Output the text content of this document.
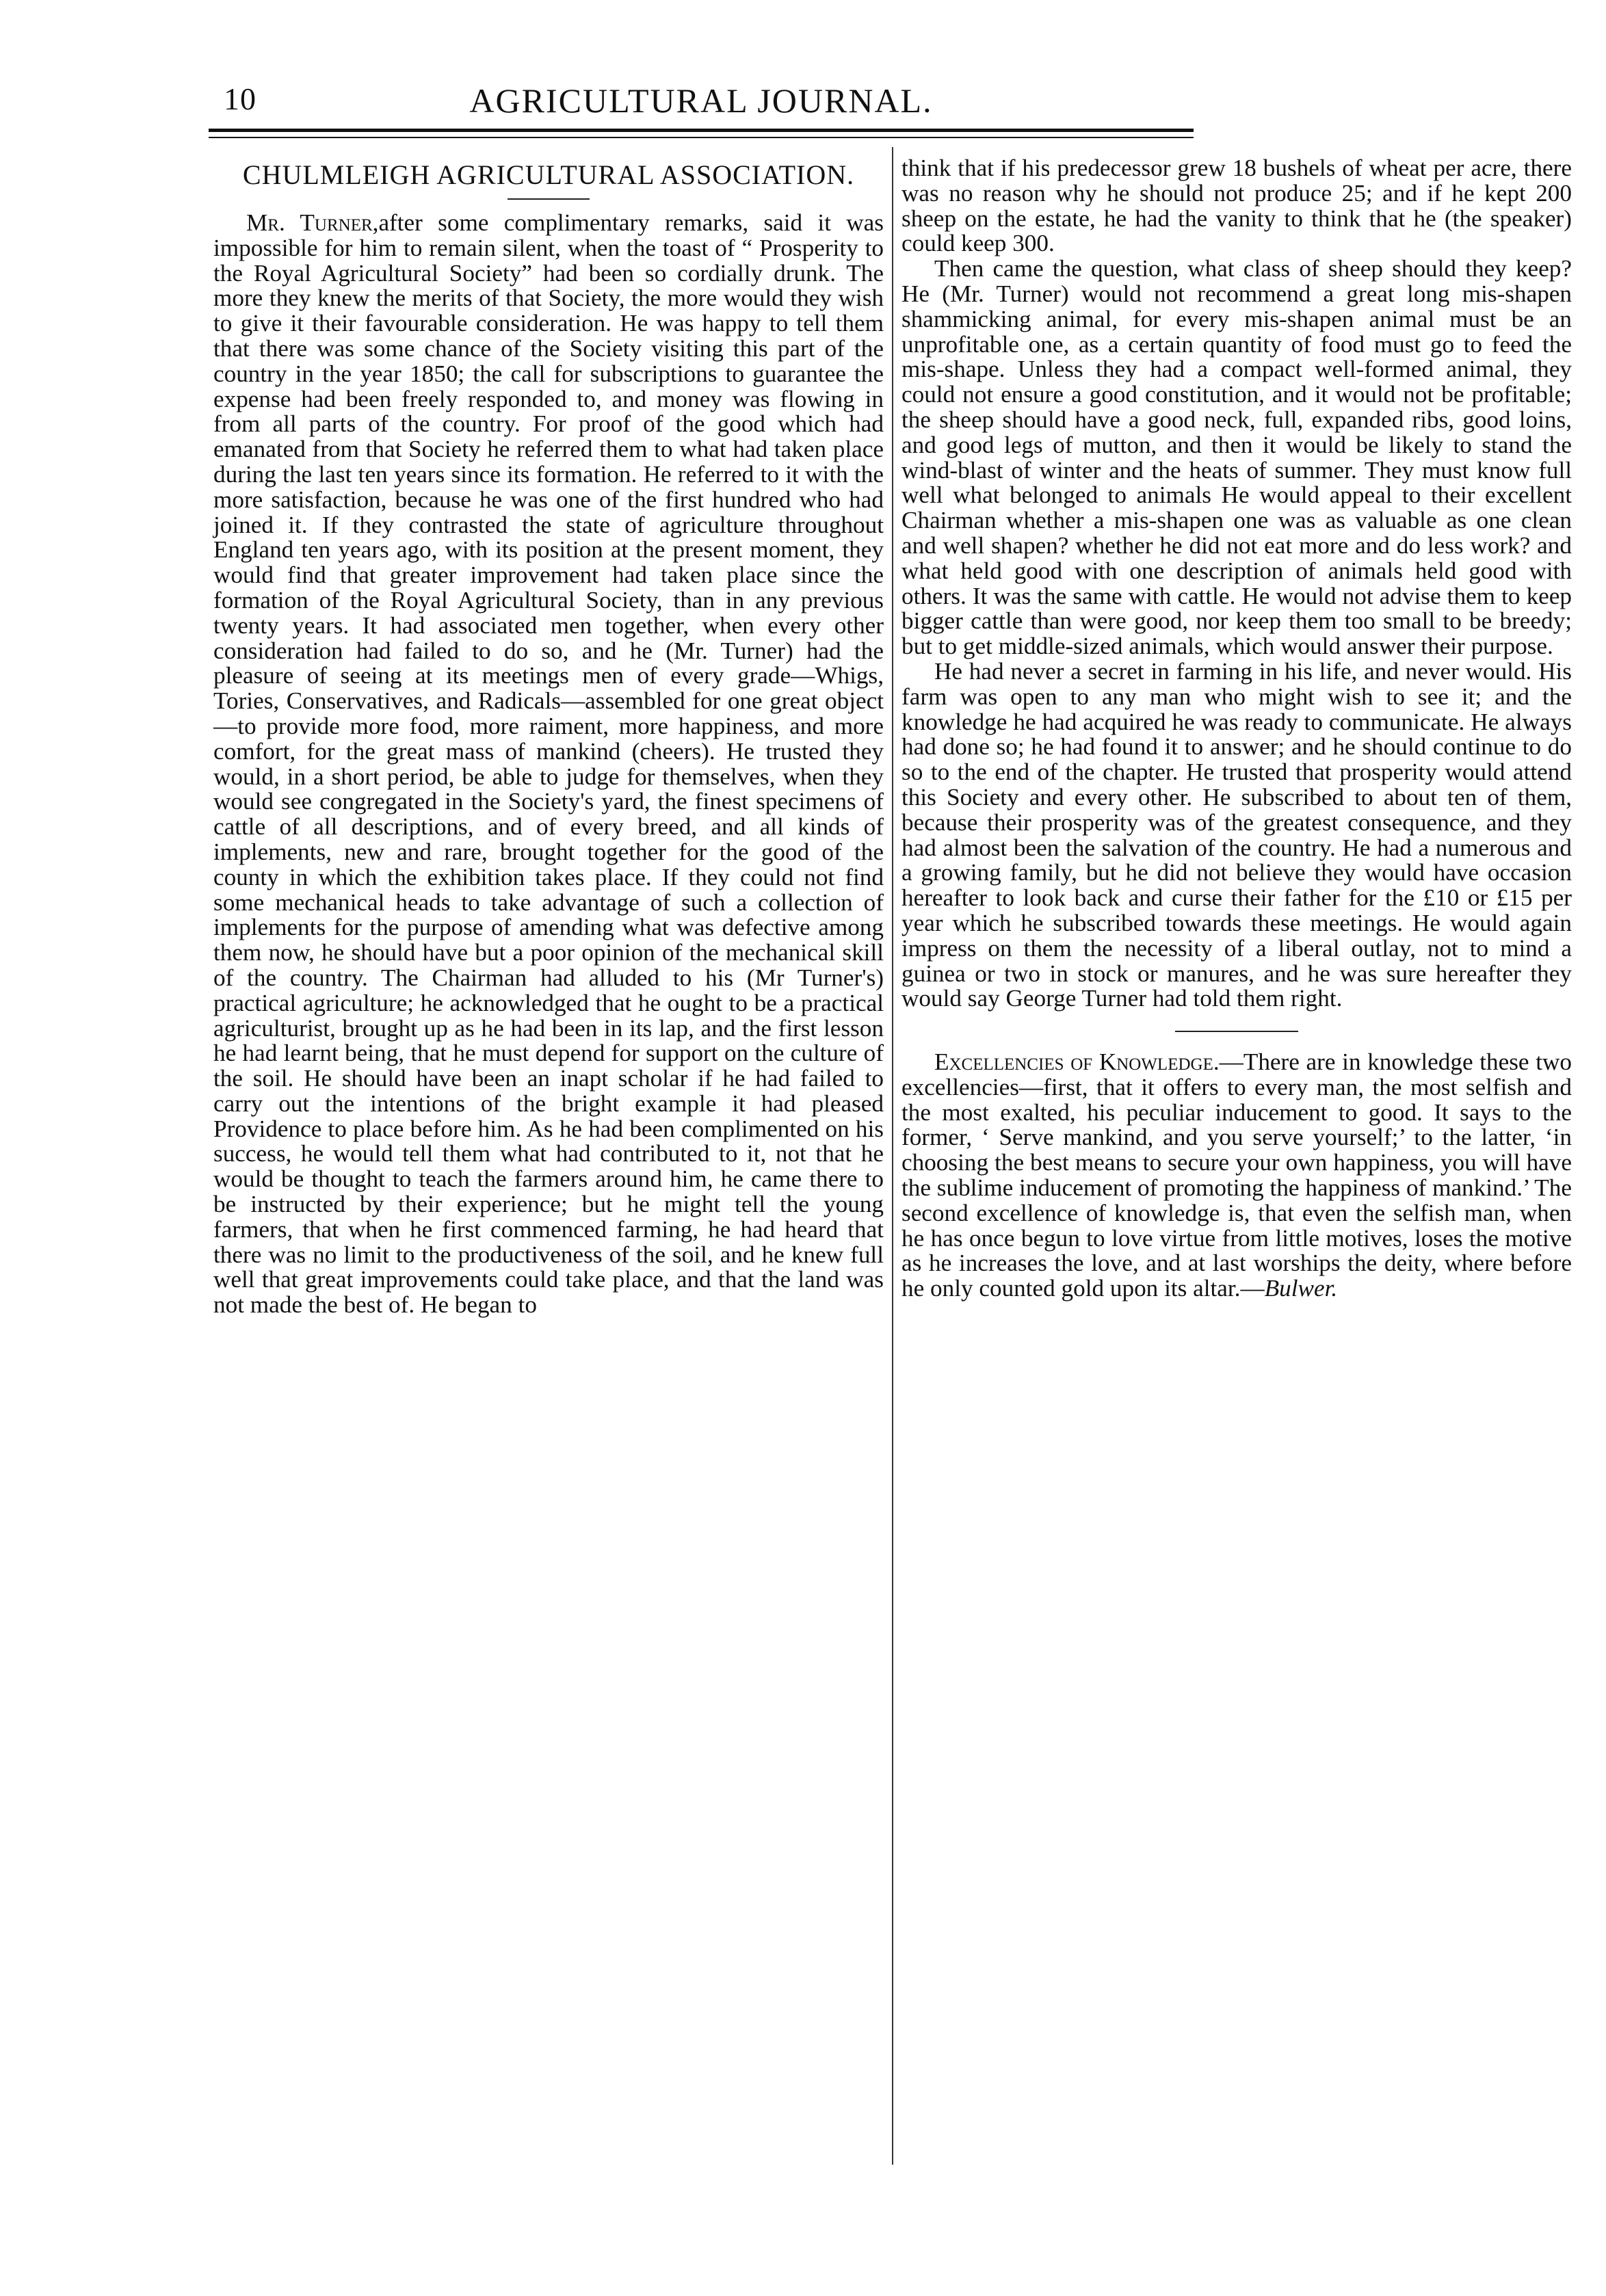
10	AGRICULTURAL JOURNAL.
CHULMLEIGH AGRICULTURAL ASSOCIATION.

Mr. Turner,after some complimentary remarks, said it was impossible for him to remain silent, when the toast of “ Prosperity to the Royal Agricultural Society” had been so cordially drunk. The more they knew the merits of that Society, the more would they wish to give it their favourable consideration. He was happy to tell them that there was some chance of the Society visiting this part of the country in the year 1850; the call for subscriptions to guarantee the expense had been freely responded to, and money was flowing in from all parts of the country. For proof of the good which had emanated from that Society he referred them to what had taken place during the last ten years since its formation. He referred to it with the more satisfaction, because he was one of the first hundred who had joined it. If they contrasted the state of agriculture throughout England ten years ago, with its position at the present moment, they would find that greater improvement had taken place since the formation of the Royal Agricultural Society, than in any previous twenty years. It had associated men together, when every other consideration had failed to do so, and he (Mr. Turner) had the pleasure of seeing at its meetings men of every grade—Whigs, Tories, Conservatives, and Radicals—assembled for one great object—to provide more food, more raiment, more happiness, and more comfort, for the great mass of mankind (cheers). He trusted they would, in a short period, be able to judge for themselves, when they would see congregated in the Society's yard, the finest specimens of cattle of all descriptions, and of every breed, and all kinds of implements, new and rare, brought together for the good of the county in which the exhibition takes place. If they could not find some mechanical heads to take advantage of such a collection of implements for the purpose of amending what was defective among them now, he should have but a poor opinion of the mechanical skill of the country. The Chairman had alluded to his (Mr Turner's) practical agriculture; he acknowledged that he ought to be a practical agriculturist, brought up as he had been in its lap, and the first lesson he had learnt being, that he must depend for support on the culture of the soil. He should have been an inapt scholar if he had failed to carry out the intentions of the bright example it had pleased Providence to place before him. As he had been complimented on his success, he would tell them what had contributed to it, not that he would be thought to teach the farmers around him, he came there to be instructed by their experience; but he might tell the young farmers, that when he first commenced farming, he had heard that there was no limit to the productiveness of the soil, and he knew full well that great improvements could take place, and that the land was not made the best of. He began to

think that if his predecessor grew 18 bushels of wheat per acre, there was no reason why he should not produce 25; and if he kept 200 sheep on the estate, he had the vanity to think that he (the speaker) could keep 300.

Then came the question, what class of sheep should they keep? He (Mr. Turner) would not recommend a great long mis-shapen shammicking animal, for every mis-shapen animal must be an unprofitable one, as a certain quantity of food must go to feed the mis-shape. Unless they had a compact well-formed animal, they could not ensure a good constitution, and it would not be profitable; the sheep should have a good neck, full, expanded ribs, good loins, and good legs of mutton, and then it would be likely to stand the wind-blast of winter and the heats of summer. They must know full well what belonged to animals He would appeal to their excellent Chairman whether a mis-shapen one was as valuable as one clean and well shapen? whether he did not eat more and do less work? and what held good with one description of animals held good with others. It was the same with cattle. He would not advise them to keep bigger cattle than were good, nor keep them too small to be breedy; but to get middle-sized animals, which would answer their purpose.

He had never a secret in farming in his life, and never would. His farm was open to any man who might wish to see it; and the knowledge he had acquired he was ready to communicate. He always had done so; he had found it to answer; and he should continue to do so to the end of the chapter. He trusted that prosperity would attend this Society and every other. He subscribed to about ten of them, because their prosperity was of the greatest consequence, and they had almost been the salvation of the country. He had a numerous and a growing family, but he did not believe they would have occasion hereafter to look back and curse their father for the £10 or £15 per year which he subscribed towards these meetings. He would again impress on them the necessity of a liberal outlay, not to mind a guinea or two in stock or manures, and he was sure hereafter they would say George Turner had told them right.

Excellencies of Knowledge.—There are in knowledge these two excellencies—first, that it offers to every man, the most selfish and the most exalted, his peculiar inducement to good. It says to the former, ‘ Serve mankind, and you serve yourself;’ to the latter, ‘in choosing the best means to secure your own happiness, you will have the sublime inducement of promoting the happiness of mankind.’ The second excellence of knowledge is, that even the selfish man, when he has once begun to love virtue from little motives, loses the motive as he increases the love, and at last worships the deity, where before he only counted gold upon its altar.—Bulwer.
